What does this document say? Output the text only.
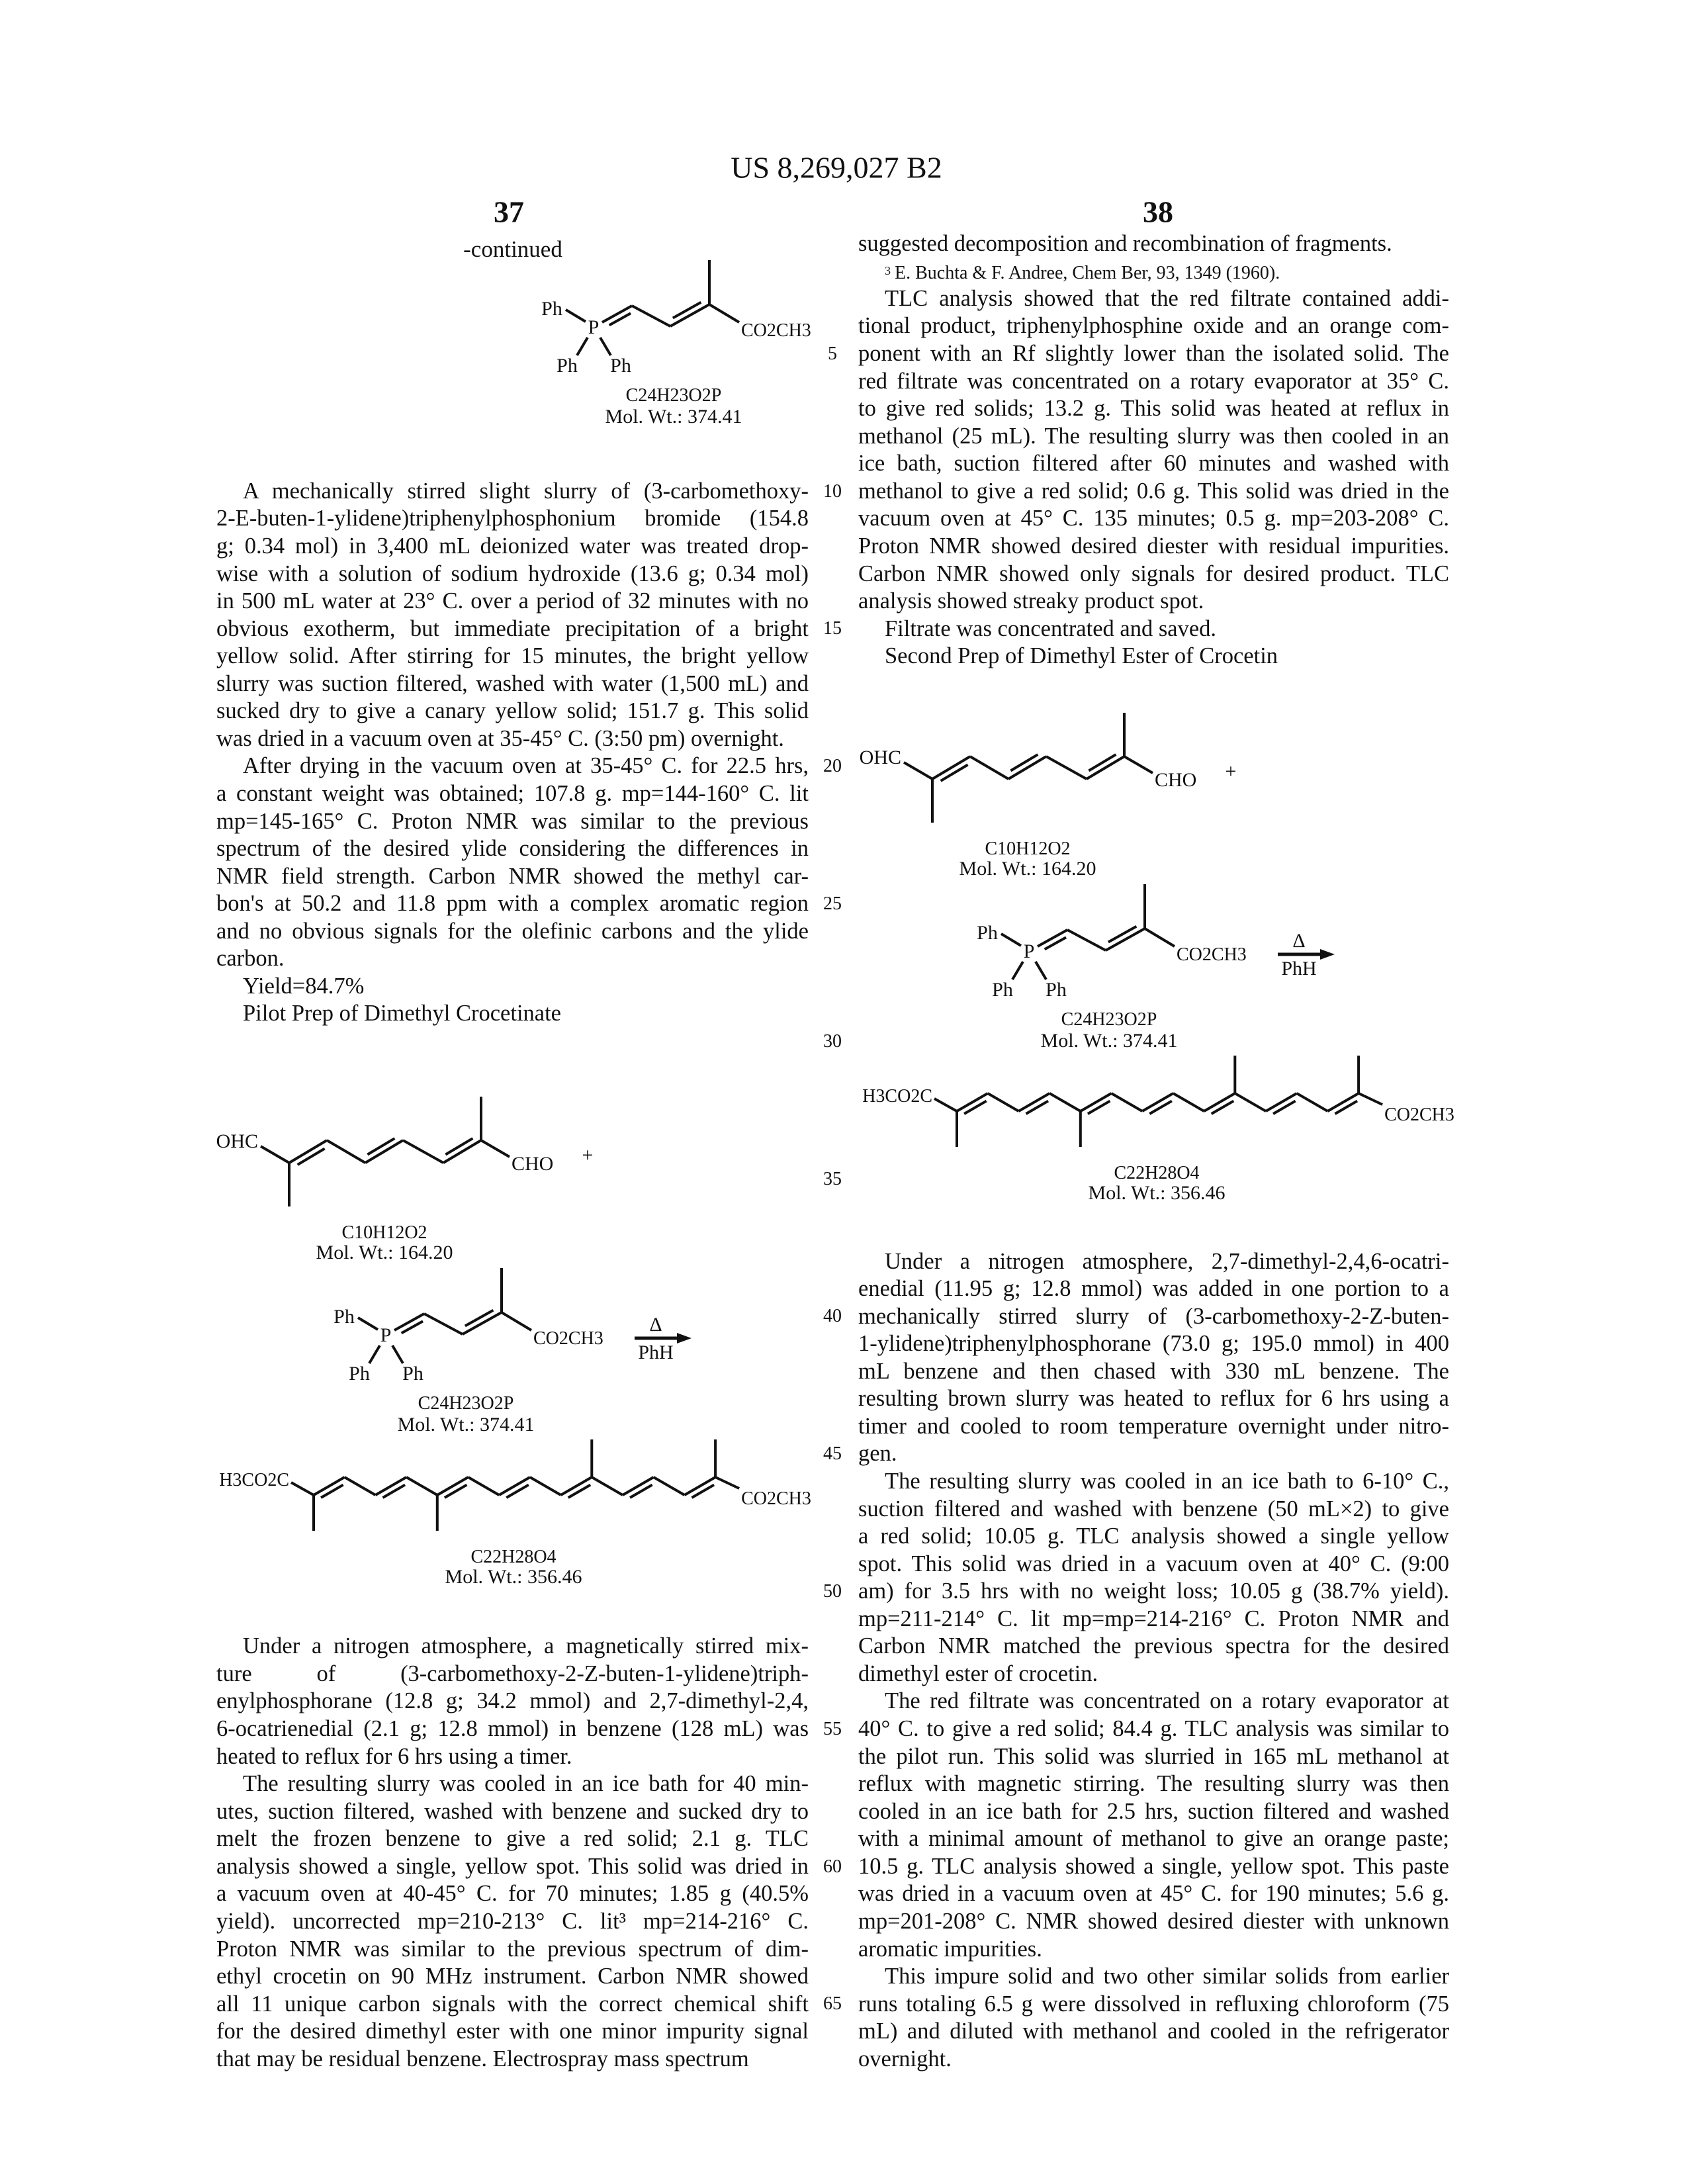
US 8,269,027 B2
37	38
-continued
A mechanically stirred slight slurry of (3-carbomethoxy-
2-E-buten-1-ylidene)triphenylphosphonium bromide (154.8
g; 0.34 mol) in 3,400 mL deionized water was treated drop-
wise with a solution of sodium hydroxide (13.6 g; 0.34 mol)
in 500 mL water at 23° C. over a period of 32 minutes with no
obvious exotherm, but immediate precipitation of a bright
yellow solid. After stirring for 15 minutes, the bright yellow
slurry was suction filtered, washed with water (1,500 mL) and
sucked dry to give a canary yellow solid; 151.7 g. This solid
was dried in a vacuum oven at 35-45° C. (3:50 pm) overnight.
After drying in the vacuum oven at 35-45° C. for 22.5 hrs,
a constant weight was obtained; 107.8 g. mp=144-160° C. lit
mp=145-165° C. Proton NMR was similar to the previous
spectrum of the desired ylide considering the differences in
NMR field strength. Carbon NMR showed the methyl car-
bon's at 50.2 and 11.8 ppm with a complex aromatic region
and no obvious signals for the olefinic carbons and the ylide
carbon.
Yield=84.7%
Pilot Prep of Dimethyl Crocetinate
Under a nitrogen atmosphere, a magnetically stirred mix-
ture of (3-carbomethoxy-2-Z-buten-1-ylidene)triph-
enylphosphorane (12.8 g; 34.2 mmol) and 2,7-dimethyl-2,4,
6-ocatrienedial (2.1 g; 12.8 mmol) in benzene (128 mL) was
heated to reflux for 6 hrs using a timer.
The resulting slurry was cooled in an ice bath for 40 min-
utes, suction filtered, washed with benzene and sucked dry to
melt the frozen benzene to give a red solid; 2.1 g. TLC
analysis showed a single, yellow spot. This solid was dried in
a vacuum oven at 40-45° C. for 70 minutes; 1.85 g (40.5%
yield). uncorrected mp=210-213° C. lit³ mp=214-216° C.
Proton NMR was similar to the previous spectrum of dim-
ethyl crocetin on 90 MHz instrument. Carbon NMR showed
all 11 unique carbon signals with the correct chemical shift
for the desired dimethyl ester with one minor impurity signal
that may be residual benzene. Electrospray mass spectrum
suggested decomposition and recombination of fragments.
TLC analysis showed that the red filtrate contained addi-
tional product, triphenylphosphine oxide and an orange com-
ponent with an Rf slightly lower than the isolated solid. The
red filtrate was concentrated on a rotary evaporator at 35° C.
to give red solids; 13.2 g. This solid was heated at reflux in
methanol (25 mL). The resulting slurry was then cooled in an
ice bath, suction filtered after 60 minutes and washed with
methanol to give a red solid; 0.6 g. This solid was dried in the
vacuum oven at 45° C. 135 minutes; 0.5 g. mp=203-208° C.
Proton NMR showed desired diester with residual impurities.
Carbon NMR showed only signals for desired product. TLC
analysis showed streaky product spot.
Filtrate was concentrated and saved.
Second Prep of Dimethyl Ester of Crocetin
Under a nitrogen atmosphere, 2,7-dimethyl-2,4,6-ocatri-
enedial (11.95 g; 12.8 mmol) was added in one portion to a
mechanically stirred slurry of (3-carbomethoxy-2-Z-buten-
1-ylidene)triphenylphosphorane (73.0 g; 195.0 mmol) in 400
mL benzene and then chased with 330 mL benzene. The
resulting brown slurry was heated to reflux for 6 hrs using a
timer and cooled to room temperature overnight under nitro-
gen.
The resulting slurry was cooled in an ice bath to 6-10° C.,
suction filtered and washed with benzene (50 mL×2) to give
a red solid; 10.05 g. TLC analysis showed a single yellow
spot. This solid was dried in a vacuum oven at 40° C. (9:00
am) for 3.5 hrs with no weight loss; 10.05 g (38.7% yield).
mp=211-214° C. lit mp=mp=214-216° C. Proton NMR and
Carbon NMR matched the previous spectra for the desired
dimethyl ester of crocetin.
The red filtrate was concentrated on a rotary evaporator at
40° C. to give a red solid; 84.4 g. TLC analysis was similar to
the pilot run. This solid was slurried in 165 mL methanol at
reflux with magnetic stirring. The resulting slurry was then
cooled in an ice bath for 2.5 hrs, suction filtered and washed
with a minimal amount of methanol to give an orange paste;
10.5 g. TLC analysis showed a single, yellow spot. This paste
was dried in a vacuum oven at 45° C. for 190 minutes; 5.6 g.
mp=201-208° C. NMR showed desired diester with unknown
aromatic impurities.
This impure solid and two other similar solids from earlier
runs totaling 6.5 g were dissolved in refluxing chloroform (75
mL) and diluted with methanol and cooled in the refrigerator
overnight.
3 E. Buchta & F. Andree, Chem Ber, 93, 1349 (1960).
5
10
15
20
25
30
35
40
45
50
55
60
65
Ph
P
Ph Ph
CO2CH3
C24H23O2P
Mol. Wt.: 374.41
OHC
CHO +
C10H12O2
Mol. Wt.: 164.20
Ph
P
Ph Ph
CO2CH3
C24H23O2P
Mol. Wt.: 374.41
Δ
PhH
H3CO2C
CO2CH3
C22H28O4
Mol. Wt.: 356.46
OHC
CHO +
C10H12O2
Mol. Wt.: 164.20
Ph
P
Ph Ph
CO2CH3
C24H23O2P
Mol. Wt.: 374.41
Δ
PhH
H3CO2C
CO2CH3
C22H28O4
Mol. Wt.: 356.46
